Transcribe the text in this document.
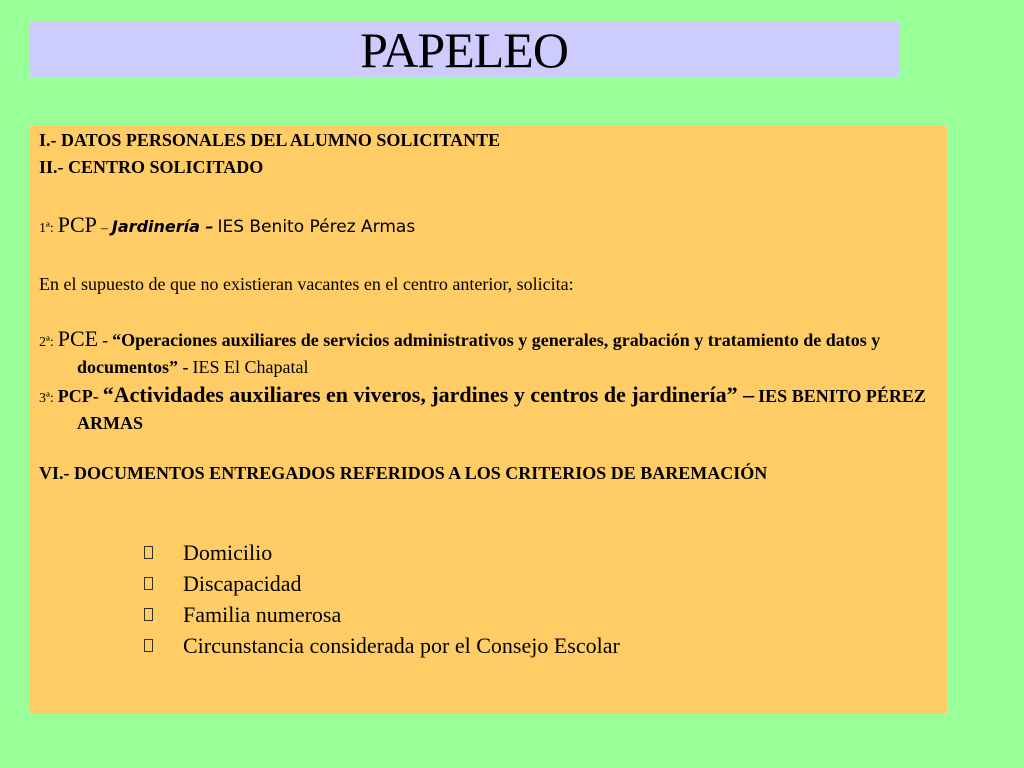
PAPELEO

I.- DATOS PERSONALES DEL ALUMNO SOLICITANTE

II.- CENTRO SOLICITADO

1ª: PCP – Jardinería – IES Benito Pérez Armas

En el supuesto de que no existieran vacantes en el centro anterior, solicita:

2ª: PCE - “Operaciones auxiliares de servicios administrativos y generales, grabación y tratamiento de datos y documentos” - IES El Chapatal

3ª: PCP- “Actividades auxiliares en viveros, jardines y centros de jardinería” – IES BENITO PÉREZ ARMAS

VI.- DOCUMENTOS ENTREGADOS REFERIDOS A LOS CRITERIOS DE BAREMACIÓN

Domicilio
Discapacidad
Familia numerosa
Circunstancia considerada por el Consejo Escolar
